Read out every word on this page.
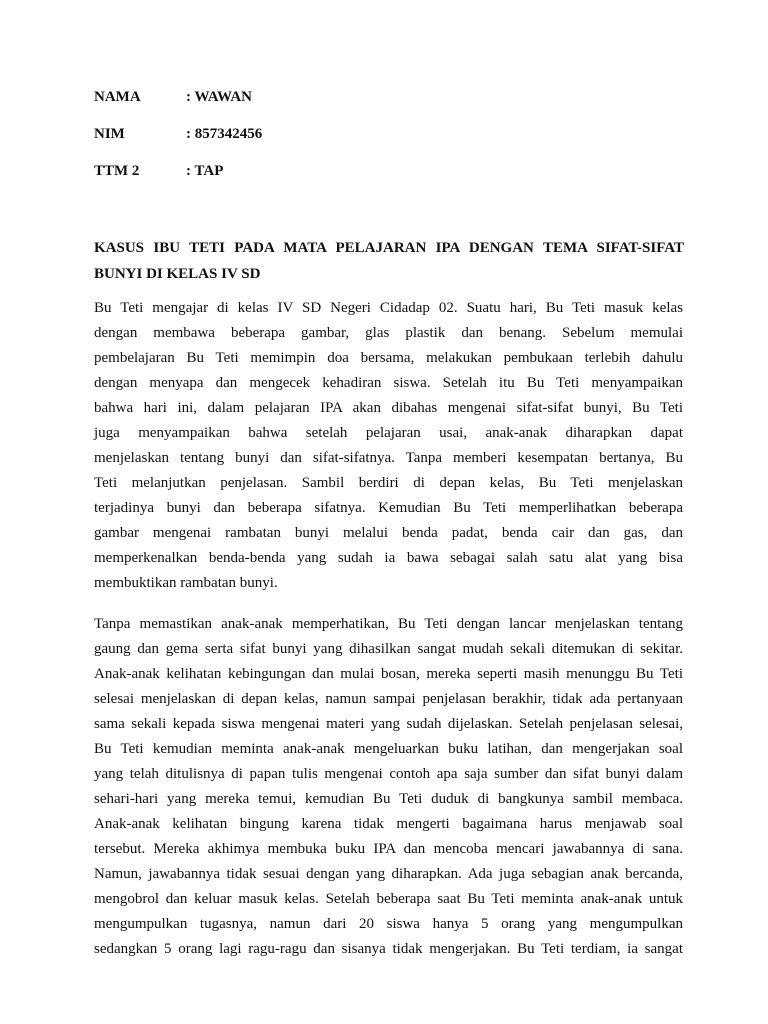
NAMA	: WAWAN
NIM	: 857342456
TTM 2	: TAP
KASUS IBU TETI PADA MATA PELAJARAN IPA DENGAN TEMA SIFAT-SIFAT
BUNYI DI KELAS IV SD

Bu Teti mengajar di kelas IV SD Negeri Cidadap 02. Suatu hari, Bu Teti masuk kelas
dengan membawa beberapa gambar, glas plastik dan benang. Sebelum memulai
pembelajaran Bu Teti memimpin doa bersama, melakukan pembukaan terlebih dahulu
dengan menyapa dan mengecek kehadiran siswa. Setelah itu Bu Teti menyampaikan
bahwa hari ini, dalam pelajaran IPA akan dibahas mengenai sifat-sifat bunyi, Bu Teti
juga menyampaikan bahwa setelah pelajaran usai, anak-anak diharapkan dapat
menjelaskan tentang bunyi dan sifat-sifatnya. Tanpa memberi kesempatan bertanya, Bu
Teti melanjutkan penjelasan. Sambil berdiri di depan kelas, Bu Teti menjelaskan
terjadinya bunyi dan beberapa sifatnya. Kemudian Bu Teti memperlihatkan beberapa
gambar mengenai rambatan bunyi melalui benda padat, benda cair dan gas, dan
memperkenalkan benda-benda yang sudah ia bawa sebagai salah satu alat yang bisa
membuktikan rambatan bunyi.

Tanpa memastikan anak-anak memperhatikan, Bu Teti dengan lancar menjelaskan tentang
gaung dan gema serta sifat bunyi yang dihasilkan sangat mudah sekali ditemukan di sekitar.
Anak-anak kelihatan kebingungan dan mulai bosan, mereka seperti masih menunggu Bu Teti
selesai menjelaskan di depan kelas, namun sampai penjelasan berakhir, tidak ada pertanyaan
sama sekali kepada siswa mengenai materi yang sudah dijelaskan. Setelah penjelasan selesai,
Bu Teti kemudian meminta anak-anak mengeluarkan buku latihan, dan mengerjakan soal
yang telah ditulisnya di papan tulis mengenai contoh apa saja sumber dan sifat bunyi dalam
sehari-hari yang mereka temui, kemudian Bu Teti duduk di bangkunya sambil membaca.
Anak-anak kelihatan bingung karena tidak mengerti bagaimana harus menjawab soal
tersebut. Mereka akhimya membuka buku IPA dan mencoba mencari jawabannya di sana.
Namun, jawabannya tidak sesuai dengan yang diharapkan. Ada juga sebagian anak bercanda,
mengobrol dan keluar masuk kelas. Setelah beberapa saat Bu Teti meminta anak-anak untuk
mengumpulkan tugasnya, namun dari 20 siswa hanya 5 orang yang mengumpulkan
sedangkan 5 orang lagi ragu-ragu dan sisanya tidak mengerjakan. Bu Teti terdiam, ia sangat
